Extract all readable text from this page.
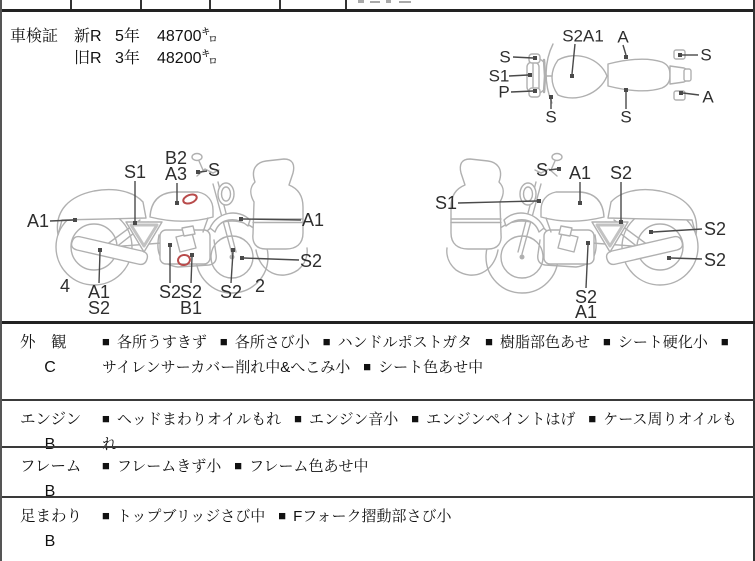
車検証 新R 5年 48700㌔
旧R 3年 48200㌔
S2A1 A
S
S
S1
P
S	S
A
A1
S1
B2
A3 S
A1
S2
A1
S2
S2
S2
B1
S2
4	2
S A1 S2
S1
S2
S2
S2
A1
外　観
C
■ 各所うすきず ■ 各所さび小 ■ ハンドルポストガタ ■ 樹脂部色あせ ■ シート硬化小 ■サイレンサーカバー削れ中&へこみ小 ■ シート色あせ中
エンジン
B
■ ヘッドまわりオイルもれ ■ エンジン音小 ■ エンジンペイントはげ ■ ケース周りオイルもれ
フレーム
B
■ フレームきず小 ■ フレーム色あせ中
足まわり
B
■ トップブリッジさび中 ■ Fフォーク摺動部さび小
